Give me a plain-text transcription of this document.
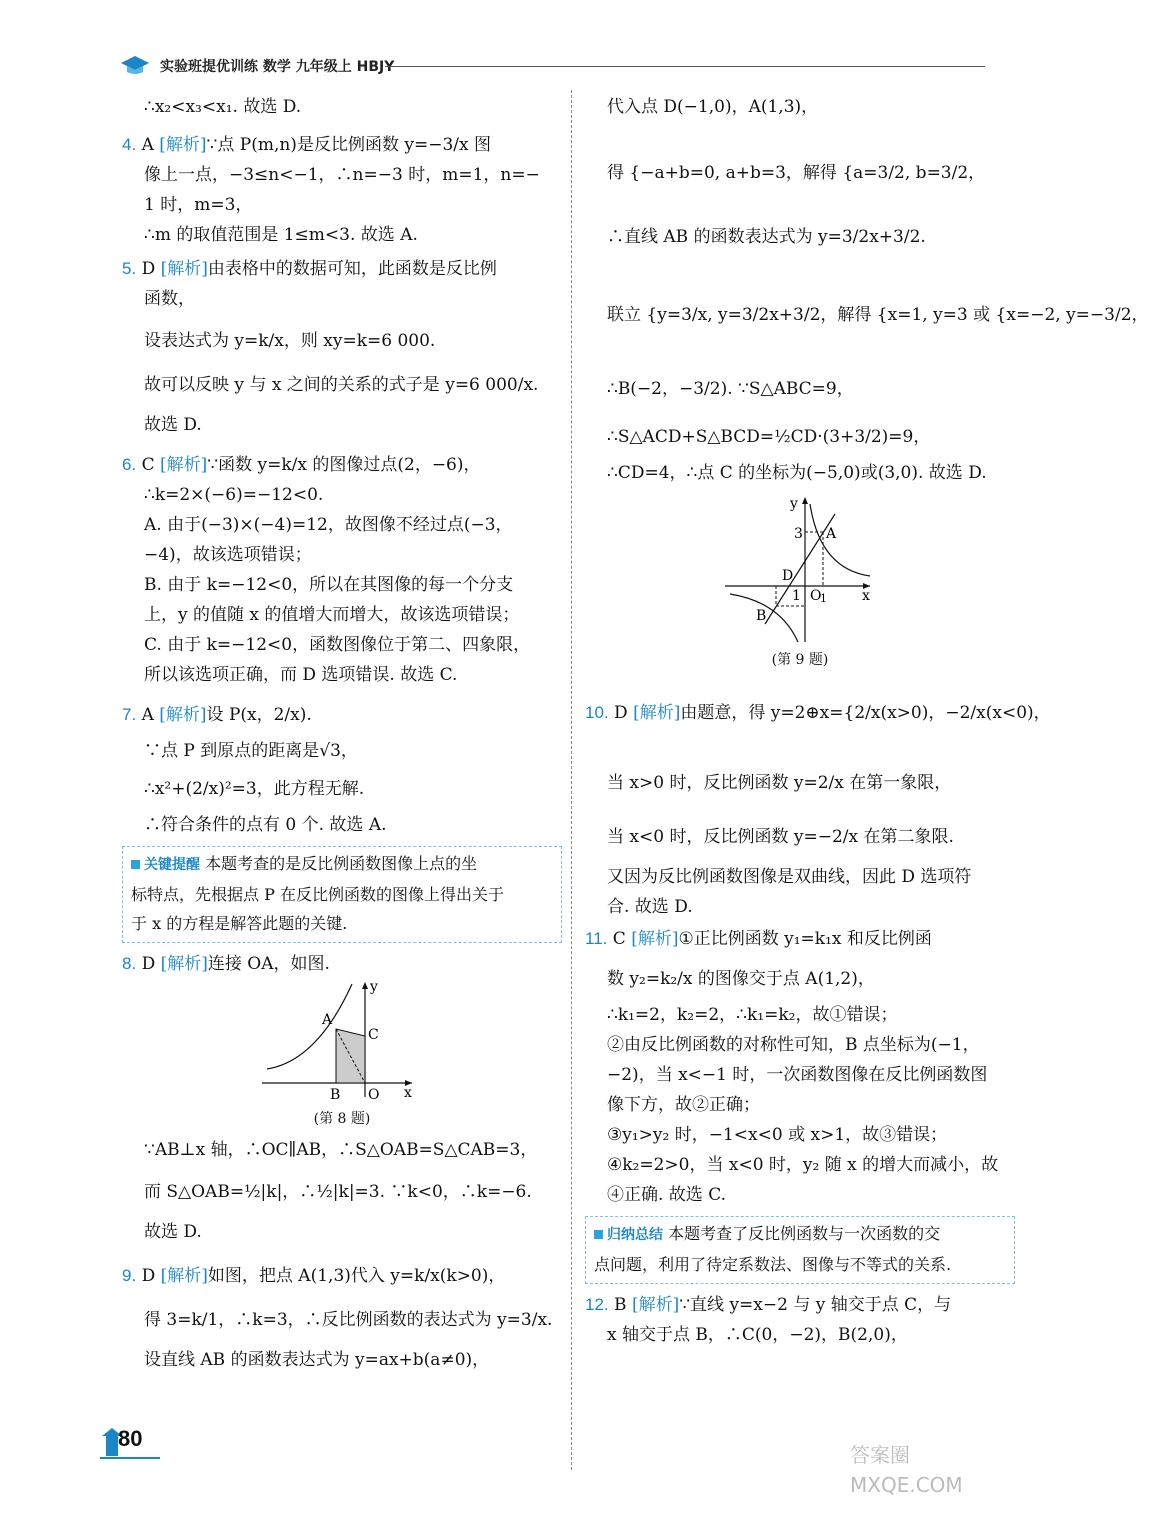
实验班提优训练 数学 九年级上 HBJY

∴x₂<x₃<x₁. 故选 D.

4. A [解析]∵点 P(m,n)是反比例函数 y=−3/x 图

像上一点，−3≤n<−1，∴n=−3 时，m=1，n=−

1 时，m=3，

∴m 的取值范围是 1≤m<3. 故选 A.

5. D [解析]由表格中的数据可知，此函数是反比例

函数，

设表达式为 y=k/x，则 xy=k=6 000.

故可以反映 y 与 x 之间的关系的式子是 y=6 000/x.

故选 D.

6. C [解析]∵函数 y=k/x 的图像过点(2，−6)，

∴k=2×(−6)=−12<0.

A. 由于(−3)×(−4)=12，故图像不经过点(−3，

−4)，故该选项错误；

B. 由于 k=−12<0，所以在其图像的每一个分支

上，y 的值随 x 的值增大而增大，故该选项错误；

C. 由于 k=−12<0，函数图像位于第二、四象限，

所以该选项正确，而 D 选项错误. 故选 C.

7. A [解析]设 P(x，2/x).

∵点 P 到原点的距离是√3，

∴x²+(2/x)²=3，此方程无解.

∴符合条件的点有 0 个. 故选 A.

关键提醒 本题考查的是反比例函数图像上点的坐

标特点，先根据点 P 在反比例函数的图像上得出关于

于 x 的方程是解答此题的关键.

8. D [解析]连接 OA，如图.

A
C
B O
y
x
(第 8 题)

∵AB⊥x 轴，∴OC∥AB，∴S△OAB=S△CAB=3，

而 S△OAB=½|k|，∴½|k|=3. ∵k<0，∴k=−6.

故选 D.

9. D [解析]如图，把点 A(1,3)代入 y=k/x(k>0)，

得 3=k/1，∴k=3，∴反比例函数的表达式为 y=3/x.

设直线 AB 的函数表达式为 y=ax+b(a≠0)，

代入点 D(−1,0)，A(1,3)，

得 {−a+b=0, a+b=3，解得 {a=3/2, b=3/2，

∴直线 AB 的函数表达式为 y=3/2x+3/2.

联立 {y=3/x, y=3/2x+3/2，解得 {x=1, y=3 或 {x=−2, y=−3/2，

∴B(−2，−3/2). ∵S△ABC=9，

∴S△ACD+S△BCD=½CD·(3+3/2)=9，

∴CD=4，∴点 C 的坐标为(−5,0)或(3,0). 故选 D.

3 A
D
1 O
1
B
y
x
(第 9 题)

10. D [解析]由题意，得 y=2⊕x={2/x(x>0)，−2/x(x<0)，

当 x>0 时，反比例函数 y=2/x 在第一象限，

当 x<0 时，反比例函数 y=−2/x 在第二象限.

又因为反比例函数图像是双曲线，因此 D 选项符

合. 故选 D.

11. C [解析]①正比例函数 y₁=k₁x 和反比例函

数 y₂=k₂/x 的图像交于点 A(1,2)，

∴k₁=2，k₂=2，∴k₁=k₂，故①错误；

②由反比例函数的对称性可知，B 点坐标为(−1，

−2)，当 x<−1 时，一次函数图像在反比例函数图

像下方，故②正确；

③y₁>y₂ 时，−1<x<0 或 x>1，故③错误；

④k₂=2>0，当 x<0 时，y₂ 随 x 的增大而减小，故

④正确. 故选 C.

归纳总结 本题考查了反比例函数与一次函数的交

点问题，利用了待定系数法、图像与不等式的关系.

12. B [解析]∵直线 y=x−2 与 y 轴交于点 C，与

x 轴交于点 B，∴C(0，−2)，B(2,0)，

80
答案圈
MXQE.COM
